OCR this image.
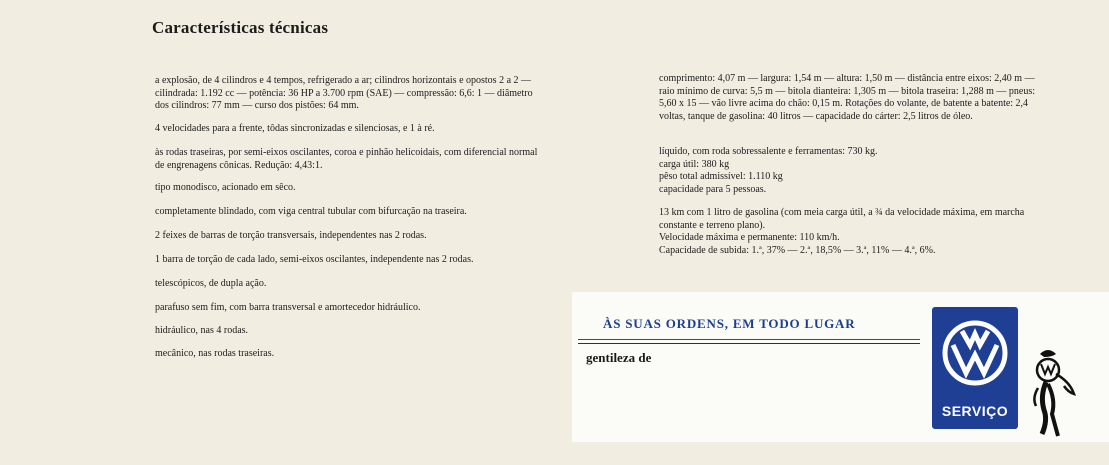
Características técnicas
a explosão, de 4 cilindros e 4 tempos, refrigerado a ar; cilindros horizontais e opostos 2 a 2 — cilindrada: 1.192 cc — potência: 36 HP a 3.700 rpm (SAE) — compressão: 6,6: 1 — diâmetro dos cilindros: 77 mm — curso dos pistões: 64 mm.
4 velocidades para a frente, tôdas sincronizadas e silenciosas, e 1 à ré.
às rodas traseiras, por semi-eixos oscilantes, coroa e pinhão helicoidais, com diferencial normal de engrenagens cônicas. Redução: 4,43:1.
tipo monodisco, acionado em sêco.
completamente blindado, com viga central tubular com bifurcação na traseira.
2 feixes de barras de torção transversais, independentes nas 2 rodas.
1 barra de torção de cada lado, semi-eixos oscilantes, independente nas 2 rodas.
telescópicos, de dupla ação.
parafuso sem fim, com barra transversal e amortecedor hidráulico.
hidráulico, nas 4 rodas.
mecânico, nas rodas traseiras.
comprimento: 4,07 m — largura: 1,54 m — altura: 1,50 m — distância entre eixos: 2,40 m — raio mínimo de curva: 5,5 m — bitola dianteira: 1,305 m — bitola traseira: 1,288 m — pneus: 5,60 x 15 — vão livre acima do chão: 0,15 m. Rotações do volante, de batente a batente: 2,4 voltas, tanque de gasolina: 40 litros — capacidade do cárter: 2,5 litros de óleo.
líquido, com roda sobressalente e ferramentas: 730 kg.
carga útil: 380 kg
pêso total admissível: 1.110 kg
capacidade para 5 pessoas.
13 km com 1 litro de gasolina (com meia carga útil, a ¾ da velocidade máxima, em marcha constante e terreno plano).
Velocidade máxima e permanente: 110 km/h.
Capacidade de subida: 1.ª, 37% — 2.ª, 18,5% — 3.ª, 11% — 4.ª, 6%.
ÀS SUAS ORDENS, EM TODO LUGAR
gentileza de
SERVIÇO
